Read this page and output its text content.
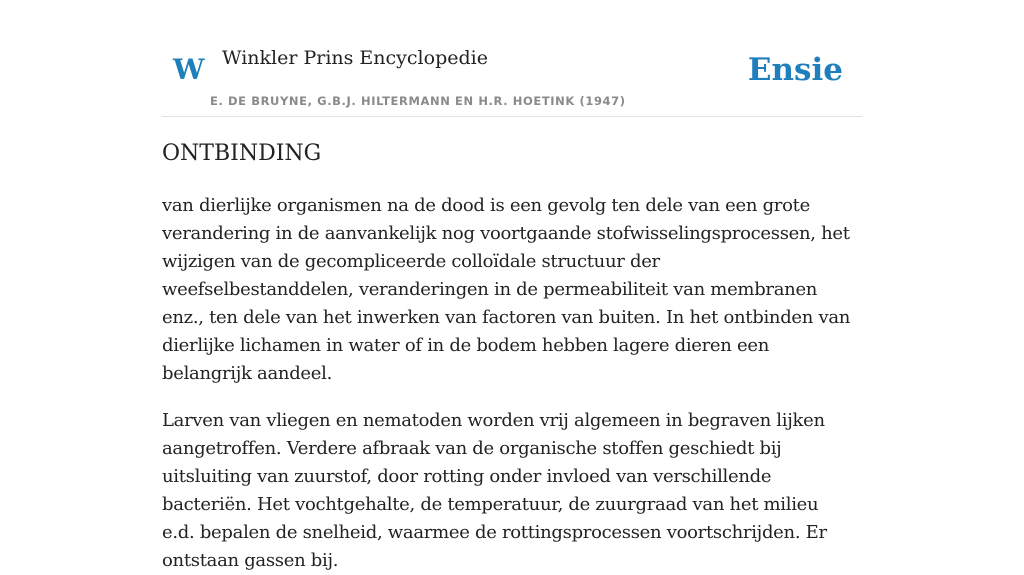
W Winkler Prins Encyclopedie
E. DE BRUYNE, G.B.J. HILTERMANN EN H.R. HOETINK (1947)
Ensie
ONTBINDING

van dierlijke organismen na de dood is een gevolg ten dele van een grote verandering in de aanvankelijk nog voortgaande stofwisselingsprocessen, het wijzigen van de gecompliceerde colloïdale structuur der weefselbestanddelen, veranderingen in de permeabiliteit van membranen enz., ten dele van het inwerken van factoren van buiten. In het ontbinden van dierlijke lichamen in water of in de bodem hebben lagere dieren een belangrijk aandeel.

Larven van vliegen en nematoden worden vrij algemeen in begraven lijken aangetroffen. Verdere afbraak van de organische stoffen geschiedt bij uitsluiting van zuurstof, door rotting onder invloed van verschillende bacteriën. Het vochtgehalte, de temperatuur, de zuurgraad van het milieu e.d. bepalen de snelheid, waarmee de rottingsprocessen voortschrijden. Er ontstaan gassen bij.
